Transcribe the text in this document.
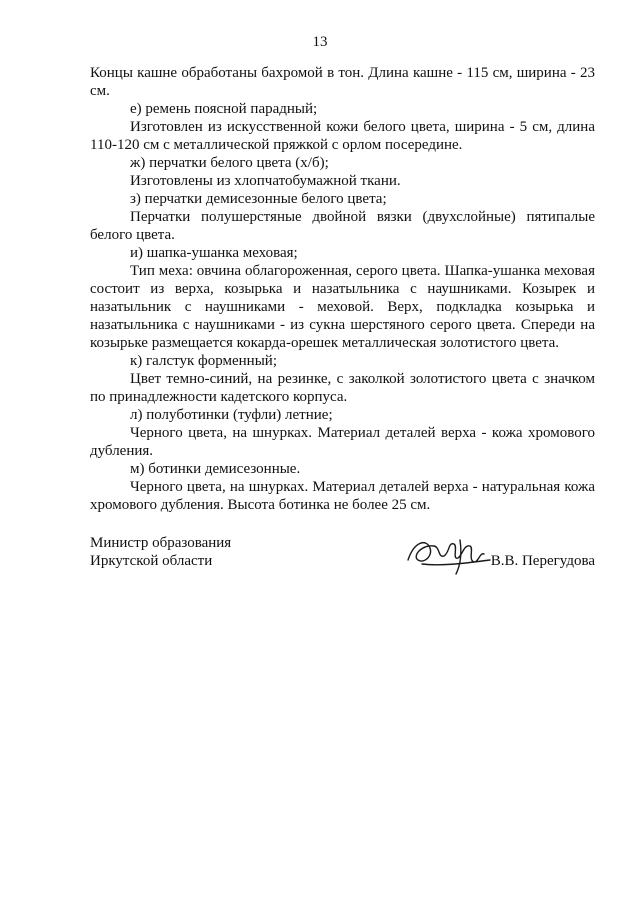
13

Концы кашне обработаны бахромой в тон. Длина кашне - 115 см, ширина - 23 см.

е) ремень поясной парадный;

Изготовлен из искусственной кожи белого цвета, ширина - 5 см, длина 110-120 см с металлической пряжкой с орлом посередине.

ж) перчатки белого цвета (х/б);

Изготовлены из хлопчатобумажной ткани.

з) перчатки демисезонные белого цвета;

Перчатки полушерстяные двойной вязки (двухслойные) пятипалые белого цвета.

и) шапка-ушанка меховая;

Тип меха: овчина облагороженная, серого цвета. Шапка-ушанка меховая состоит из верха, козырька и назатыльника с наушниками. Козырек и назатыльник с наушниками - меховой. Верх, подкладка козырька и назатыльника с наушниками - из сукна шерстяного серого цвета. Спереди на козырьке размещается кокарда-орешек металлическая золотистого цвета.

к) галстук форменный;

Цвет темно-синий, на резинке, с заколкой золотистого цвета с значком по принадлежности кадетского корпуса.

л) полуботинки (туфли) летние;

Черного цвета, на шнурках. Материал деталей верха - кожа хромового дубления.

м) ботинки демисезонные.

Черного цвета, на шнурках. Материал деталей верха - натуральная кожа хромового дубления. Высота ботинка не более 25 см.

Министр образования
Иркутской области	В.В. Перегудова
